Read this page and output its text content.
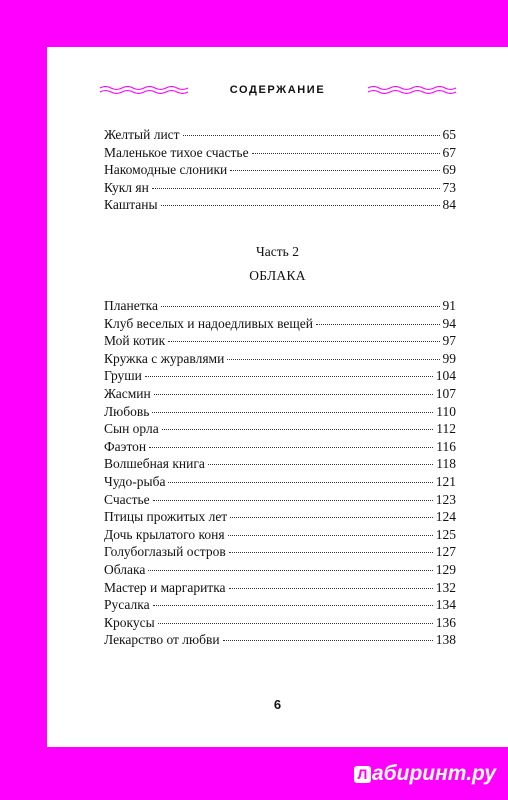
СОДЕРЖАНИЕ
Желтый лист	65
Маленькое тихое счастье	67
Накомодные слоники	69
Кукл ян	73
Каштаны	84
Часть 2
ОБЛАКА
Планетка	91
Клуб веселых и надоедливых вещей	94
Мой котик	97
Кружка с журавлями	99
Груши	104
Жасмин	107
Любовь	110
Сын орла	112
Фаэтон	116
Волшебная книга	118
Чудо-рыба	121
Счастье	123
Птицы прожитых лет	124
Дочь крылатого коня	125
Голубоглазый остров	127
Облака	129
Мастер и маргаритка	132
Русалка	134
Крокусы	136
Лекарство от любви	138
6
Л абиринт.ру
